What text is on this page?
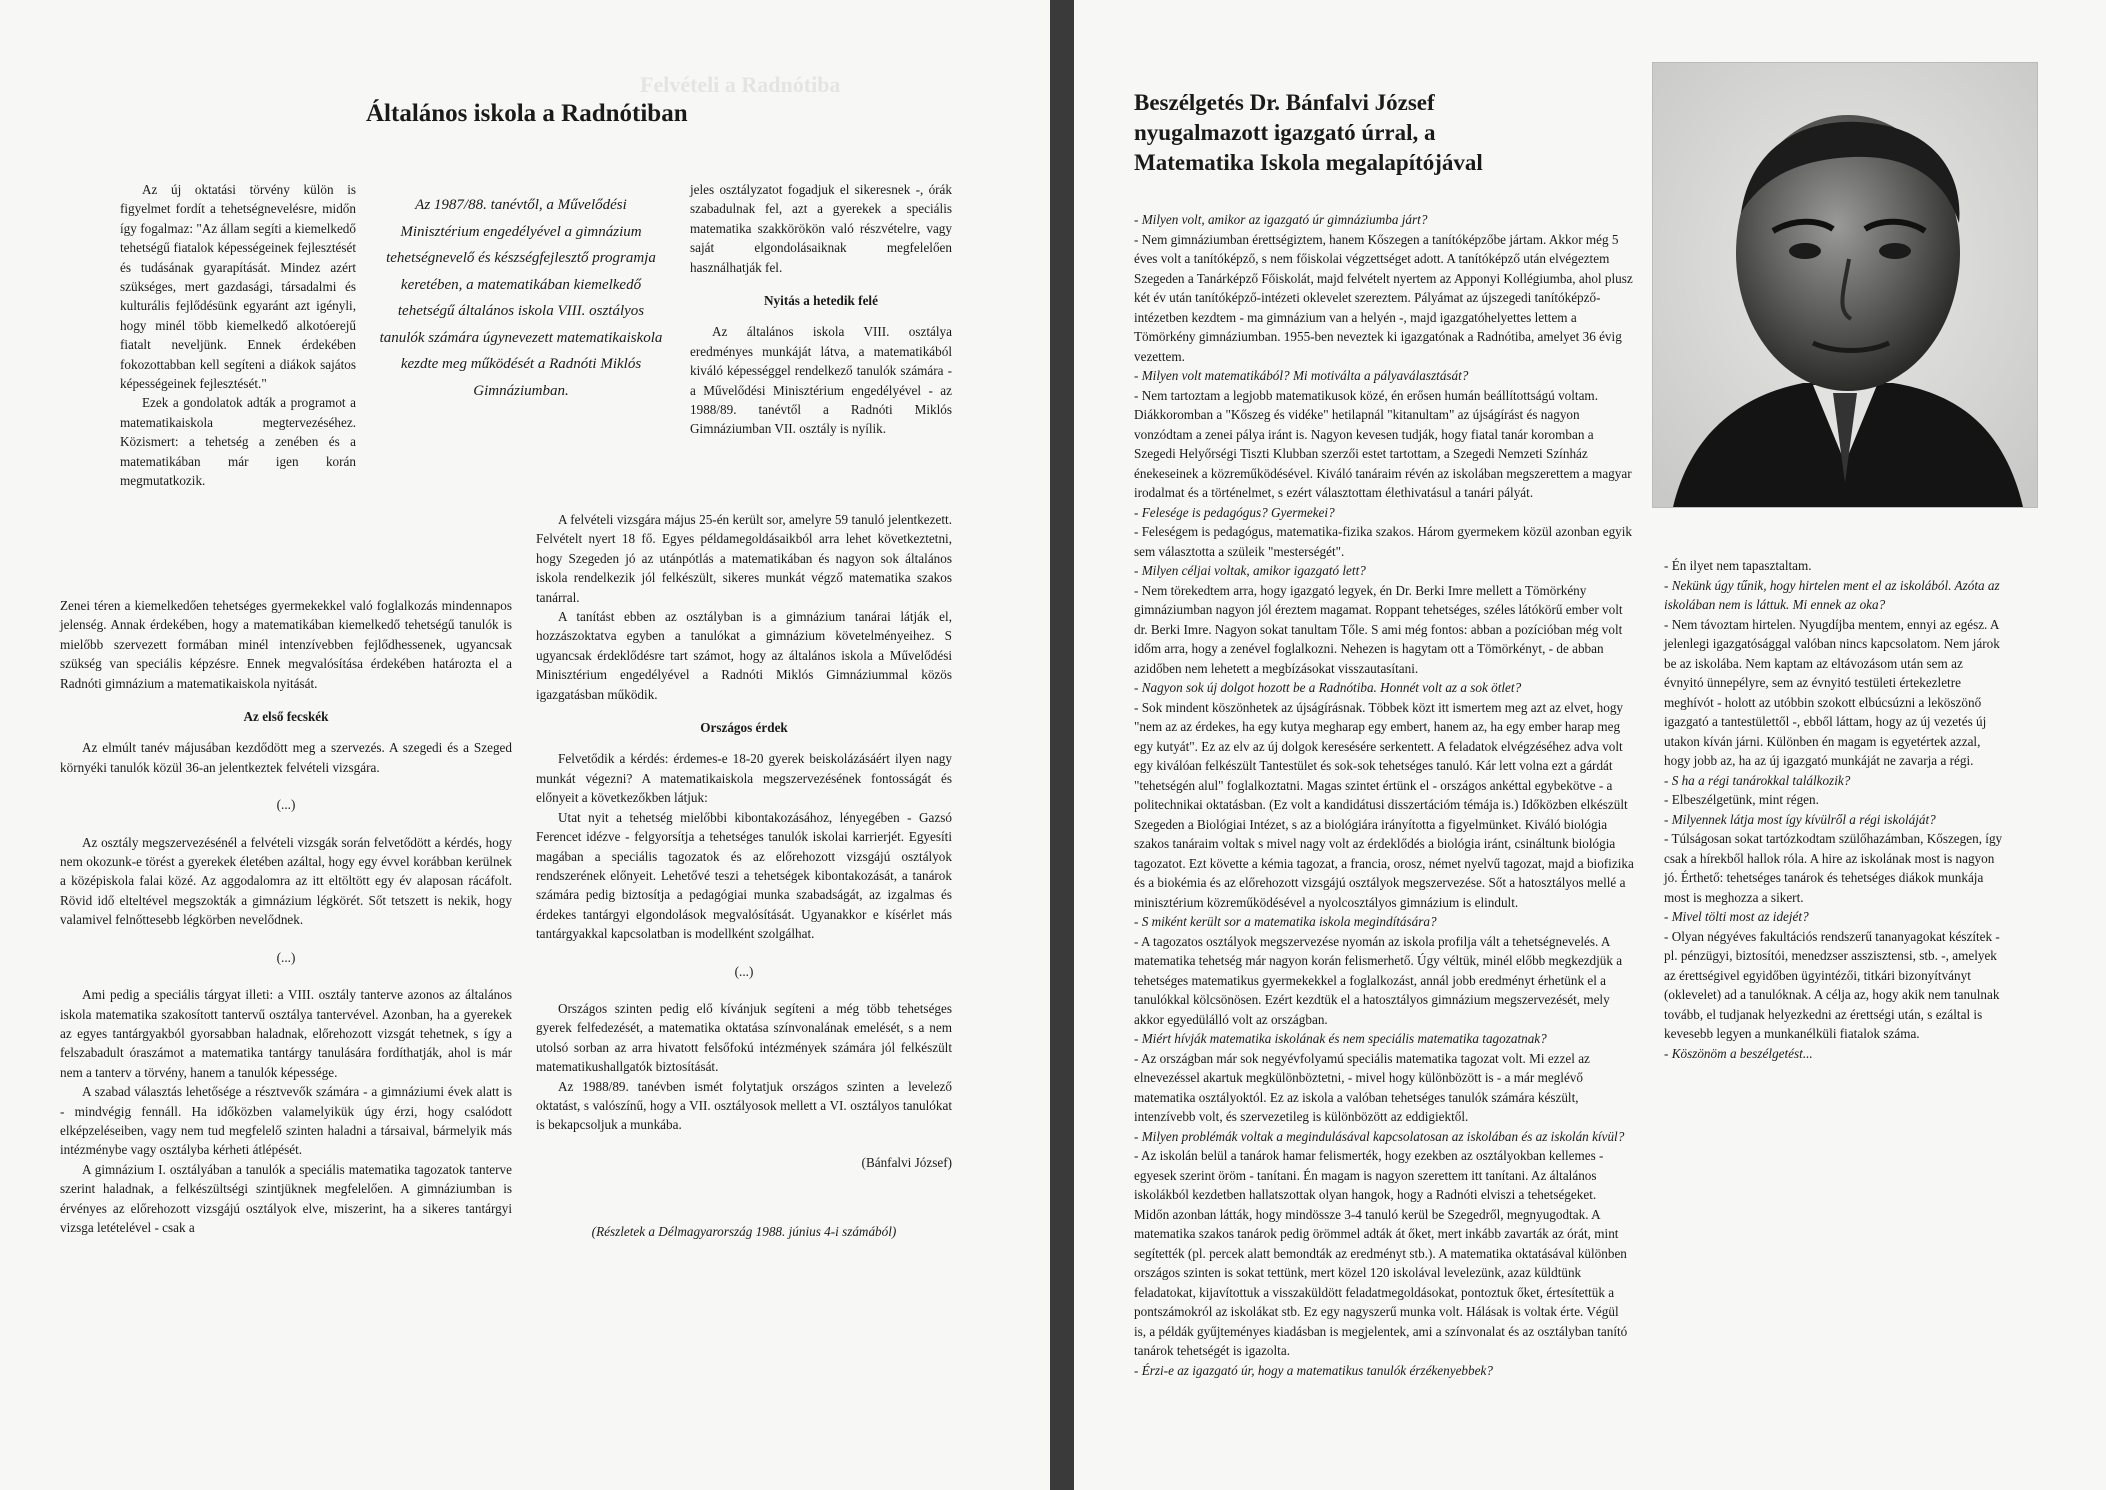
Felvételi a Radnótiba
Általános iskola a Radnótiban

Az új oktatási törvény külön is figyelmet fordít a tehetségnevelésre, midőn így fogalmaz: "Az állam segíti a kiemelkedő tehetségű fiatalok képességeinek fejlesztését és tudásának gyarapítását. Mindez azért szükséges, mert gazdasági, társadalmi és kulturális fejlődésünk egyaránt azt igényli, hogy minél több kiemelkedő alkotóerejű fiatalt neveljünk. Ennek érdekében fokozottabban kell segíteni a diákok sajátos képességeinek fejlesztését."

Ezek a gondolatok adták a programot a matematikaiskola megtervezéséhez. Közismert: a tehetség a zenében és a matematikában már igen korán megmutatkozik.

Az 1987/88. tanévtől, a Művelődési Minisztérium engedélyével a gimnázium tehetségnevelő és készségfejlesztő programja keretében, a matematikában kiemelkedő tehetségű általános iskola VIII. osztályos tanulók számára úgynevezett matematikaiskola kezdte meg működését a Radnóti Miklós Gimnáziumban.

Zenei téren a kiemelkedően tehetséges gyermekekkel való foglalkozás mindennapos jelenség. Annak érdekében, hogy a matematikában kiemelkedő tehetségű tanulók is mielőbb szervezett formában minél intenzívebben fejlődhessenek, ugyancsak szükség van speciális képzésre. Ennek megvalósítása érdekében határozta el a Radnóti gimnázium a matematikaiskola nyitását.

Az első fecskék

Az elmúlt tanév májusában kezdődött meg a szervezés. A szegedi és a Szeged környéki tanulók közül 36-an jelentkeztek felvételi vizsgára.

(...)

Az osztály megszervezésénél a felvételi vizsgák során felvetődött a kérdés, hogy nem okozunk-e törést a gyerekek életében azáltal, hogy egy évvel korábban kerülnek a középiskola falai közé. Az aggodalomra az itt eltöltött egy év alaposan rácáfolt. Rövid idő elteltével megszokták a gimnázium légkörét. Sőt tetszett is nekik, hogy valamivel felnőttesebb légkörben nevelődnek.

(...)

Ami pedig a speciális tárgyat illeti: a VIII. osztály tanterve azonos az általános iskola matematika szakosított tantervű osztálya tantervével. Azonban, ha a gyerekek az egyes tantárgyakból gyorsabban haladnak, előrehozott vizsgát tehetnek, s így a felszabadult óraszámot a matematika tantárgy tanulására fordíthatják, ahol is már nem a tanterv a törvény, hanem a tanulók képessége.

A szabad választás lehetősége a résztvevők számára - a gimnáziumi évek alatt is - mindvégig fennáll. Ha időközben valamelyikük úgy érzi, hogy csalódott elképzeléseiben, vagy nem tud megfelelő szinten haladni a társaival, bármelyik más intézménybe vagy osztályba kérheti átlépését.

A gimnázium I. osztályában a tanulók a speciális matematika tagozatok tanterve szerint haladnak, a felkészültségi szintjüknek megfelelően. A gimnáziumban is érvényes az előrehozott vizsgájú osztályok elve, miszerint, ha a sikeres tantárgyi vizsga letételével - csak a

jeles osztályzatot fogadjuk el sikeresnek -, órák szabadulnak fel, azt a gyerekek a speciális matematika szakkörökön való részvételre, vagy saját elgondolásaiknak megfelelően használhatják fel.

Nyitás a hetedik felé

Az általános iskola VIII. osztálya eredményes munkáját látva, a matematikából kiváló képességgel rendelkező tanulók számára - a Művelődési Minisztérium engedélyével - az 1988/89. tanévtől a Radnóti Miklós Gimnáziumban VII. osztály is nyílik.

A felvételi vizsgára május 25-én került sor, amelyre 59 tanuló jelentkezett. Felvételt nyert 18 fő. Egyes példamegoldásaikból arra lehet következtetni, hogy Szegeden jó az utánpótlás a matematikában és nagyon sok általános iskola rendelkezik jól felkészült, sikeres munkát végző matematika szakos tanárral.

A tanítást ebben az osztályban is a gimnázium tanárai látják el, hozzászoktatva egyben a tanulókat a gimnázium követelményeihez. S ugyancsak érdeklődésre tart számot, hogy az általános iskola a Művelődési Minisztérium engedélyével a Radnóti Miklós Gimnáziummal közös igazgatásban működik.

Országos érdek

Felvetődik a kérdés: érdemes-e 18-20 gyerek beiskolázásáért ilyen nagy munkát végezni? A matematikaiskola megszervezésének fontosságát és előnyeit a következőkben látjuk:

Utat nyit a tehetség mielőbbi kibontakozásához, lényegében - Gazsó Ferencet idézve - felgyorsítja a tehetséges tanulók iskolai karrierjét. Egyesíti magában a speciális tagozatok és az előrehozott vizsgájú osztályok rendszerének előnyeit. Lehetővé teszi a tehetségek kibontakozását, a tanárok számára pedig biztosítja a pedagógiai munka szabadságát, az izgalmas és érdekes tantárgyi elgondolások megvalósítását. Ugyanakkor e kísérlet más tantárgyakkal kapcsolatban is modellként szolgálhat.

(...)

Országos szinten pedig elő kívánjuk segíteni a még több tehetséges gyerek felfedezését, a matematika oktatása színvonalának emelését, s a nem utolsó sorban az arra hivatott felsőfokú intézmények számára jól felkészült matematikushallgatók biztosítását.

Az 1988/89. tanévben ismét folytatjuk országos szinten a levelező oktatást, s valószínű, hogy a VII. osztályosok mellett a VI. osztályos tanulókat is bekapcsoljuk a munkába.

(Bánfalvi József)
(Részletek a Délmagyarország 1988. június 4-i számából)
Beszélgetés Dr. Bánfalvi József nyugalmazott igazgató úrral, a Matematika Iskola megalapítójával
- Milyen volt, amikor az igazgató úr gimnáziumba járt?
- Nem gimnáziumban érettségiztem, hanem Kőszegen a tanítóképzőbe jártam. Akkor még 5 éves volt a tanítóképző, s nem főiskolai végzettséget adott. A tanítóképző után elvégeztem Szegeden a Tanárképző Főiskolát, majd felvételt nyertem az Apponyi Kollégiumba, ahol plusz két év után tanítóképző-intézeti oklevelet szereztem. Pályámat az újszegedi tanítóképző-intézetben kezdtem - ma gimnázium van a helyén -, majd igazgatóhelyettes lettem a Tömörkény gimnáziumban. 1955-ben neveztek ki igazgatónak a Radnótiba, amelyet 36 évig vezettem.
- Milyen volt matematikából? Mi motiválta a pályaválasztását?
- Nem tartoztam a legjobb matematikusok közé, én erősen humán beállítottságú voltam. Diákkoromban a "Kőszeg és vidéke" hetilapnál "kitanultam" az újságírást és nagyon vonzódtam a zenei pálya iránt is. Nagyon kevesen tudják, hogy fiatal tanár koromban a Szegedi Helyőrségi Tiszti Klubban szerzői estet tartottam, a Szegedi Nemzeti Színház énekeseinek a közreműködésével. Kiváló tanáraim révén az iskolában megszerettem a magyar irodalmat és a történelmet, s ezért választottam élethivatásul a tanári pályát.
- Felesége is pedagógus? Gyermekei?
- Feleségem is pedagógus, matematika-fizika szakos. Három gyermekem közül azonban egyik sem választotta a szüleik "mesterségét".
- Milyen céljai voltak, amikor igazgató lett?
- Nem törekedtem arra, hogy igazgató legyek, én Dr. Berki Imre mellett a Tömörkény gimnáziumban nagyon jól éreztem magamat. Roppant tehetséges, széles látókörű ember volt dr. Berki Imre. Nagyon sokat tanultam Tőle. S ami még fontos: abban a pozícióban még volt időm arra, hogy a zenével foglalkozni. Nehezen is hagytam ott a Tömörkényt, - de abban azidőben nem lehetett a megbízásokat visszautasítani.
- Nagyon sok új dolgot hozott be a Radnótiba. Honnét volt az a sok ötlet?
- Sok mindent köszönhetek az újságírásnak. Többek közt itt ismertem meg azt az elvet, hogy "nem az az érdekes, ha egy kutya megharap egy embert, hanem az, ha egy ember harap meg egy kutyát". Ez az elv az új dolgok keresésére serkentett. A feladatok elvégzéséhez adva volt egy kiválóan felkészült Tantestület és sok-sok tehetséges tanuló. Kár lett volna ezt a gárdát "tehetségén alul" foglalkoztatni. Magas szintet értünk el - országos ankéttal egybekötve - a politechnikai oktatásban. (Ez volt a kandidátusi disszertációm témája is.) Időközben elkészült Szegeden a Biológiai Intézet, s az a biológiára irányította a figyelmünket. Kiváló biológia szakos tanáraim voltak s mivel nagy volt az érdeklődés a biológia iránt, csináltunk biológia tagozatot. Ezt követte a kémia tagozat, a francia, orosz, német nyelvű tagozat, majd a biofizika és a biokémia és az előrehozott vizsgájú osztályok megszervezése. Sőt a hatosztályos mellé a minisztérium közreműködésével a nyolcosztályos gimnázium is elindult.
- S miként került sor a matematika iskola megindítására?
- A tagozatos osztályok megszervezése nyomán az iskola profilja vált a tehetségnevelés. A matematika tehetség már nagyon korán felismerhető. Úgy véltük, minél előbb megkezdjük a tehetséges matematikus gyermekekkel a foglalkozást, annál jobb eredményt érhetünk el a tanulókkal kölcsönösen. Ezért kezdtük el a hatosztályos gimnázium megszervezését, mely akkor egyedülálló volt az országban.
- Miért hívják matematika iskolának és nem speciális matematika tagozatnak?
- Az országban már sok negyévfolyamú speciális matematika tagozat volt. Mi ezzel az elnevezéssel akartuk megkülönböztetni, - mivel hogy különbözött is - a már meglévő matematika osztályoktól. Ez az iskola a valóban tehetséges tanulók számára készült, intenzívebb volt, és szervezetileg is különbözött az eddigiektől.
- Milyen problémák voltak a megindulásával kapcsolatosan az iskolában és az iskolán kívül?
- Az iskolán belül a tanárok hamar felismerték, hogy ezekben az osztályokban kellemes - egyesek szerint öröm - tanítani. Én magam is nagyon szerettem itt tanítani. Az általános iskolákból kezdetben hallatszottak olyan hangok, hogy a Radnóti elviszi a tehetségeket. Midőn azonban látták, hogy mindössze 3-4 tanuló kerül be Szegedről, megnyugodtak. A matematika szakos tanárok pedig örömmel adták át őket, mert inkább zavarták az órát, mint segítették (pl. percek alatt bemondták az eredményt stb.). A matematika oktatásával különben országos szinten is sokat tettünk, mert közel 120 iskolával levelezünk, azaz küldtünk feladatokat, kijavítottuk a visszaküldött feladatmegoldásokat, pontoztuk őket, értesítettük a pontszámokról az iskolákat stb. Ez egy nagyszerű munka volt. Hálásak is voltak érte. Végül is, a példák gyűjteményes kiadásban is megjelentek, ami a színvonalat és az osztályban tanító tanárok tehetségét is igazolta.
- Érzi-e az igazgató úr, hogy a matematikus tanulók érzékenyebbek?
- Én ilyet nem tapasztaltam.
- Nekünk úgy tűnik, hogy hirtelen ment el az iskolából. Azóta az iskolában nem is láttuk. Mi ennek az oka?
- Nem távoztam hirtelen. Nyugdíjba mentem, ennyi az egész. A jelenlegi igazgatósággal valóban nincs kapcsolatom. Nem járok be az iskolába. Nem kaptam az eltávozásom után sem az évnyitó ünnepélyre, sem az évnyitó testületi értekezletre meghívót - holott az utóbbin szokott elbúcsúzni a leköszönő igazgató a tantestülettől -, ebből láttam, hogy az új vezetés új utakon kíván járni. Különben én magam is egyetértek azzal, hogy jobb az, ha az új igazgató munkáját ne zavarja a régi.
- S ha a régi tanárokkal találkozik?
- Elbeszélgetünk, mint régen.
- Milyennek látja most így kívülről a régi iskoláját?
- Túlságosan sokat tartózkodtam szülőhazámban, Kőszegen, így csak a hírekből hallok róla. A hire az iskolának most is nagyon jó. Érthető: tehetséges tanárok és tehetséges diákok munkája most is meghozza a sikert.
- Mivel tölti most az idejét?
- Olyan négyéves fakultációs rendszerű tananyagokat készítek - pl. pénzügyi, biztosítói, menedzser asszisztensi, stb. -, amelyek az érettségivel egyidőben ügyintézői, titkári bizonyítványt (oklevelet) ad a tanulóknak. A célja az, hogy akik nem tanulnak tovább, el tudjanak helyezkedni az érettségi után, s ezáltal is kevesebb legyen a munkanélküli fiatalok száma.
- Köszönöm a beszélgetést...
